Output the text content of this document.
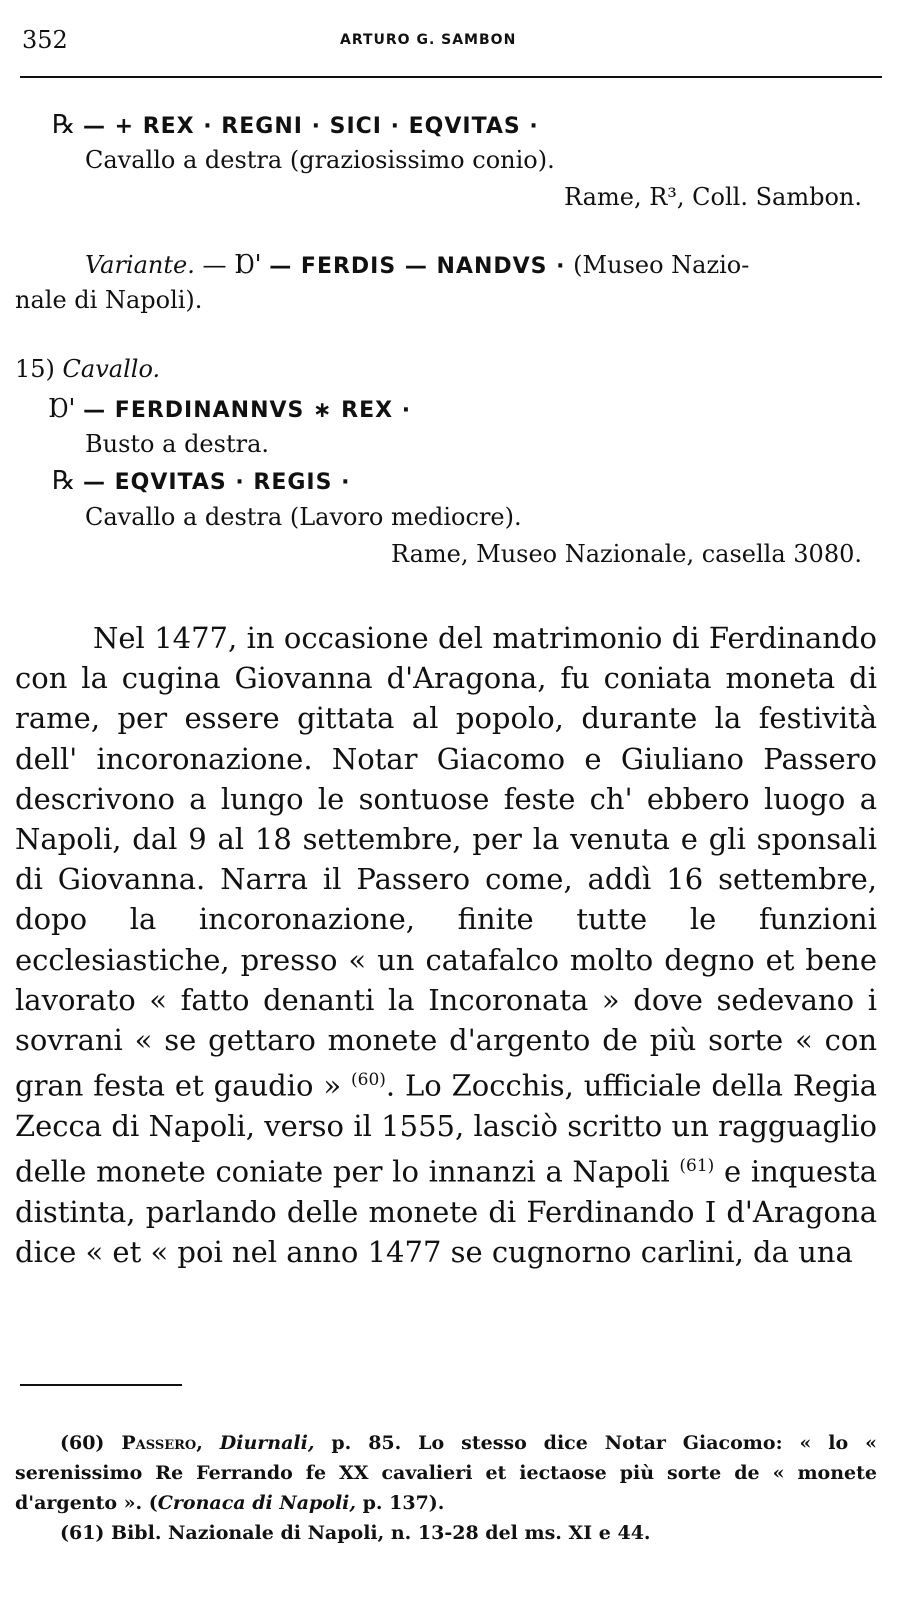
352	ARTURO G. SAMBON
℞ — + REX · REGNI · SICI · EQVITAS ·
Cavallo a destra (graziosissimo conio).
Rame, R³, Coll. Sambon.
Variante. — Ɒ' — FERDIS — NANDVS · (Museo Nazio-
nale di Napoli).
15) Cavallo.
Ɒ' — FERDINANNVS ∗ REX ·
Busto a destra.
℞ — EQVITAS · REGIS ·
Cavallo a destra (Lavoro mediocre).
Rame, Museo Nazionale, casella 3080.
Nel 1477, in occasione del matrimonio di Ferdinando con la cugina Giovanna d'Aragona, fu coniata moneta di rame, per essere gittata al popolo, durante la festività dell' incoronazione. Notar Giacomo e Giuliano Passero descrivono a lungo le sontuose feste ch' ebbero luogo a Napoli, dal 9 al 18 settembre, per la venuta e gli sponsali di Giovanna. Narra il Passero come, addì 16 settembre, dopo la incoronazione, finite tutte le funzioni ecclesiastiche, presso « un catafalco molto degno et bene lavorato « fatto denanti la Incoronata » dove sedevano i sovrani « se gettaro monete d'argento de più sorte « con gran festa et gaudio » $^{(60)}$. Lo Zocchis, ufficiale della Regia Zecca di Napoli, verso il 1555, lasciò scritto un ragguaglio delle monete coniate per lo innanzi a Napoli $^{(61)}$ e inquesta distinta, parlando delle monete di Ferdinando I d'Aragona dice « et « poi nel anno 1477 se cugnorno carlini, da una

(60) Passero, Diurnali, p. 85. Lo stesso dice Notar Giacomo: « lo « serenissimo Re Ferrando fe XX cavalieri et iectaose più sorte de « monete d'argento ». (Cronaca di Napoli, p. 137).

(61) Bibl. Nazionale di Napoli, n. 13-28 del ms. XI e 44.
